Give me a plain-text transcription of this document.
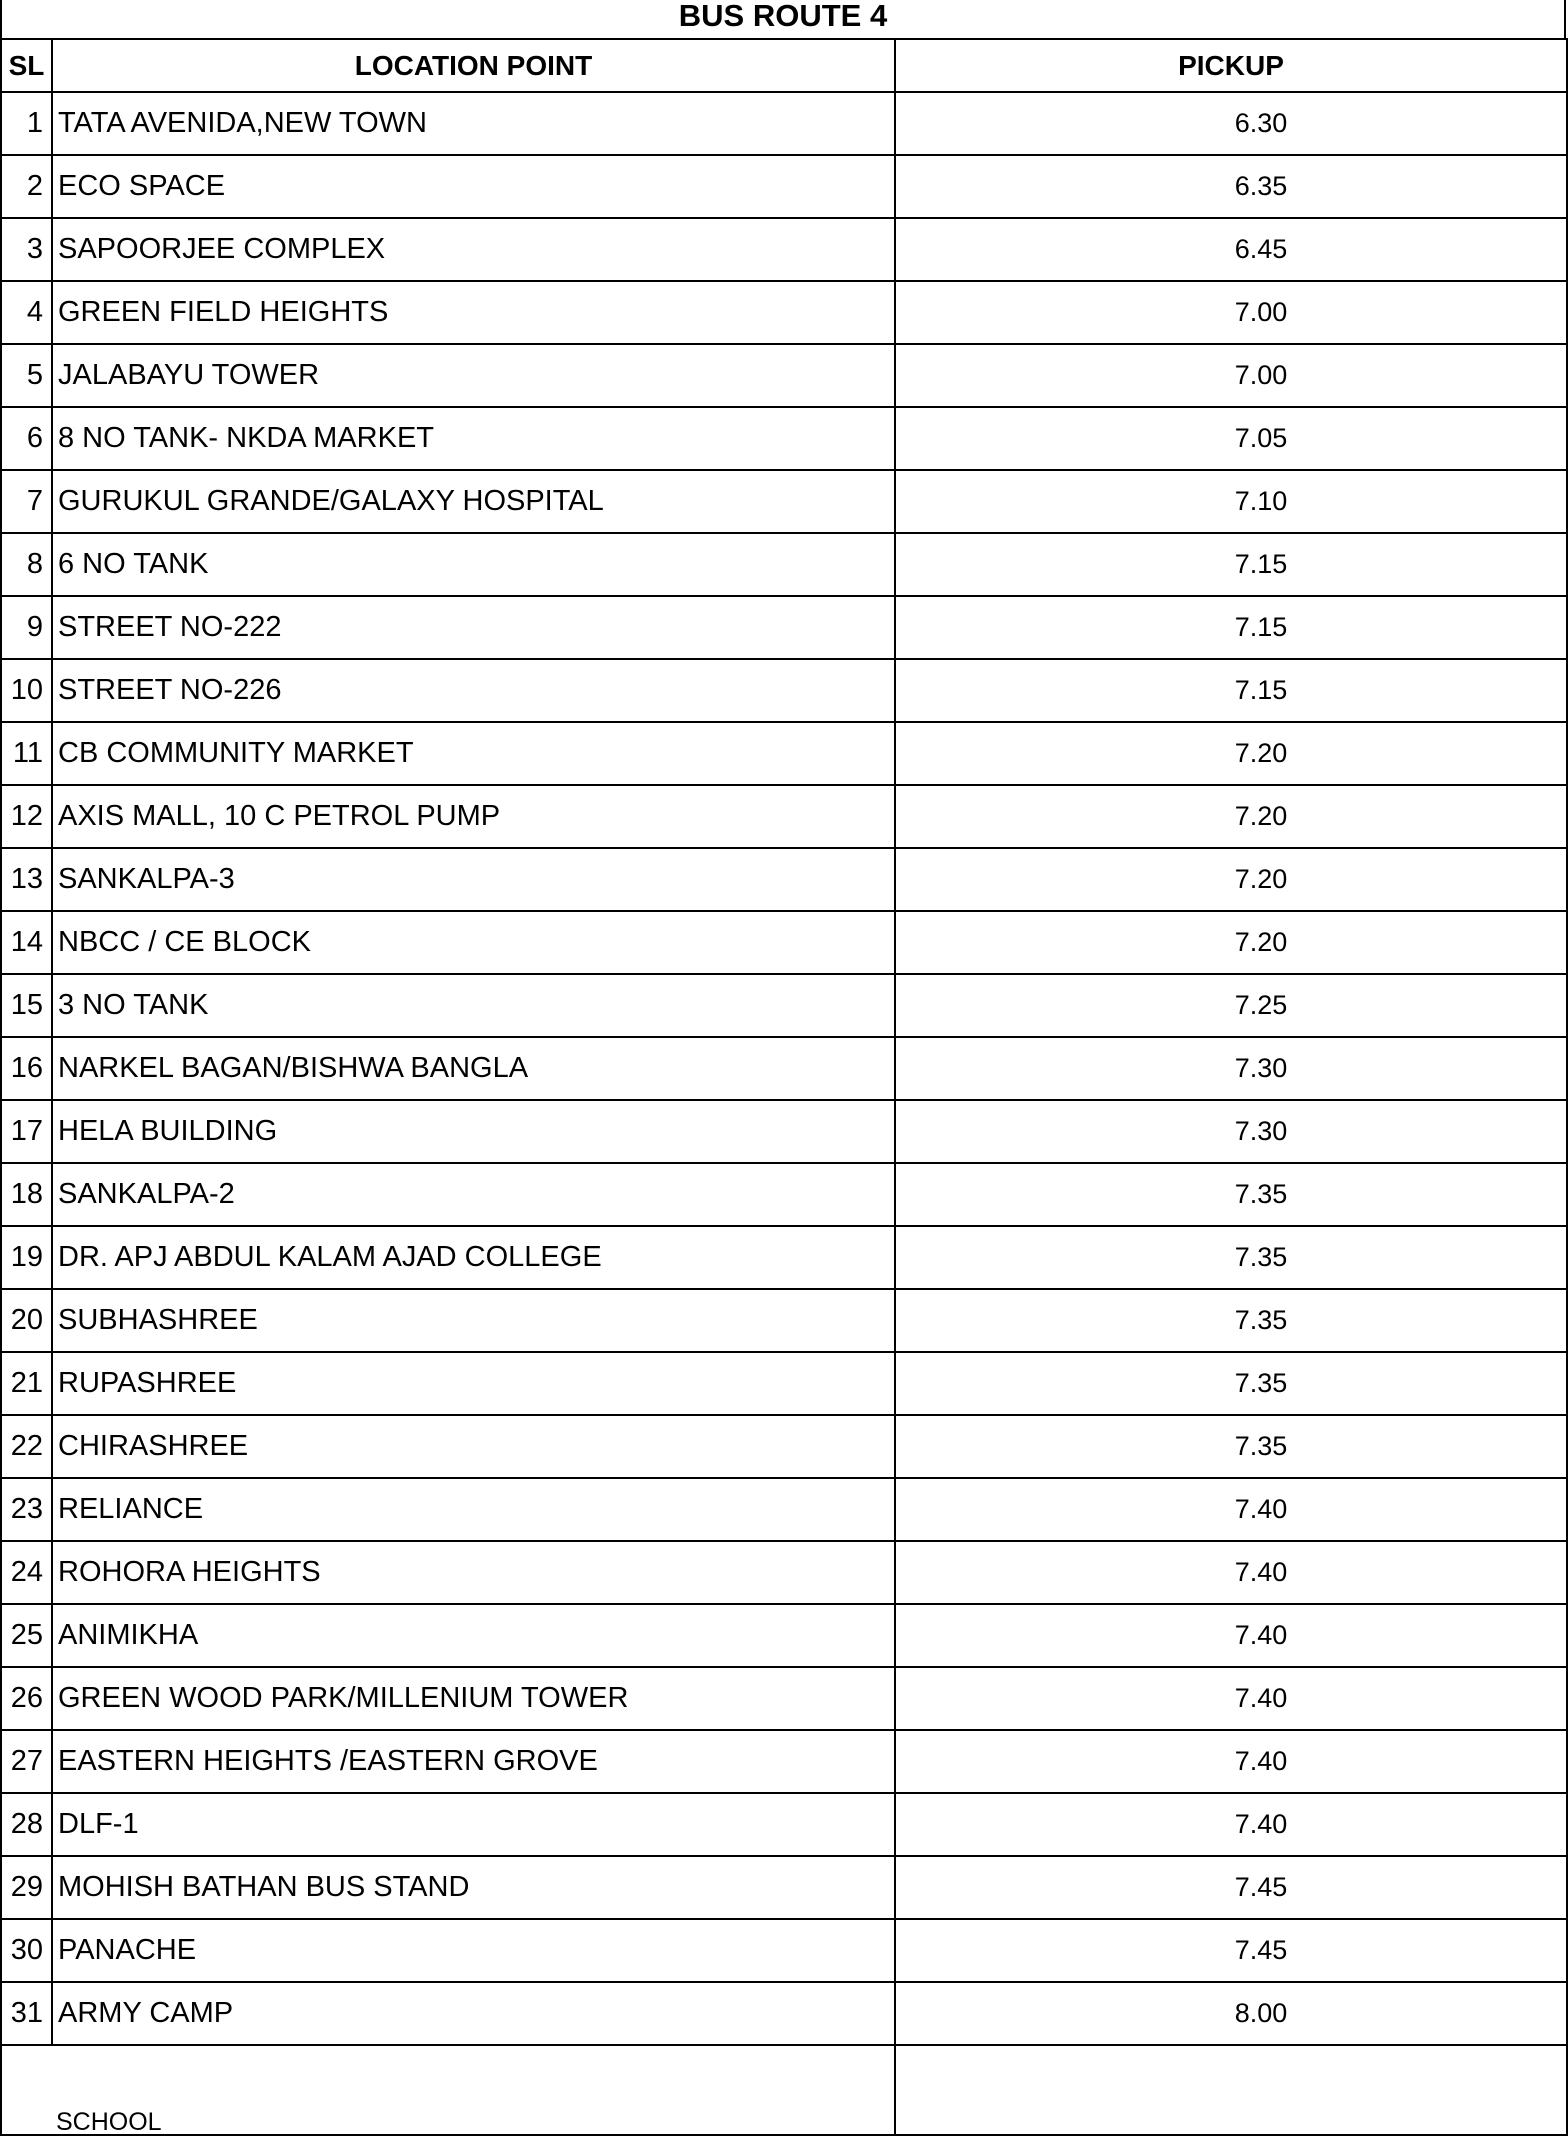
BUS ROUTE 4
SL	LOCATION POINT	PICKUP
1	TATA AVENIDA,NEW TOWN	6.30
2	ECO SPACE	6.35
3	SAPOORJEE COMPLEX	6.45
4	GREEN FIELD HEIGHTS	7.00
5	JALABAYU TOWER	7.00
6	8 NO TANK- NKDA MARKET	7.05
7	GURUKUL GRANDE/GALAXY HOSPITAL	7.10
8	6 NO TANK	7.15
9	STREET NO-222	7.15
10	STREET NO-226	7.15
11	CB COMMUNITY MARKET	7.20
12	AXIS MALL, 10 C PETROL PUMP	7.20
13	SANKALPA-3	7.20
14	NBCC / CE BLOCK	7.20
15	3 NO TANK	7.25
16	NARKEL BAGAN/BISHWA BANGLA	7.30
17	HELA BUILDING	7.30
18	SANKALPA-2	7.35
19	DR. APJ ABDUL KALAM AJAD COLLEGE	7.35
20	SUBHASHREE	7.35
21	RUPASHREE	7.35
22	CHIRASHREE	7.35
23	RELIANCE	7.40
24	ROHORA HEIGHTS	7.40
25	ANIMIKHA	7.40
26	GREEN WOOD PARK/MILLENIUM TOWER	7.40
27	EASTERN HEIGHTS /EASTERN GROVE	7.40
28	DLF-1	7.40
29	MOHISH BATHAN BUS STAND	7.45
30	PANACHE	7.45
31	ARMY CAMP	8.00
SCHOOL		
